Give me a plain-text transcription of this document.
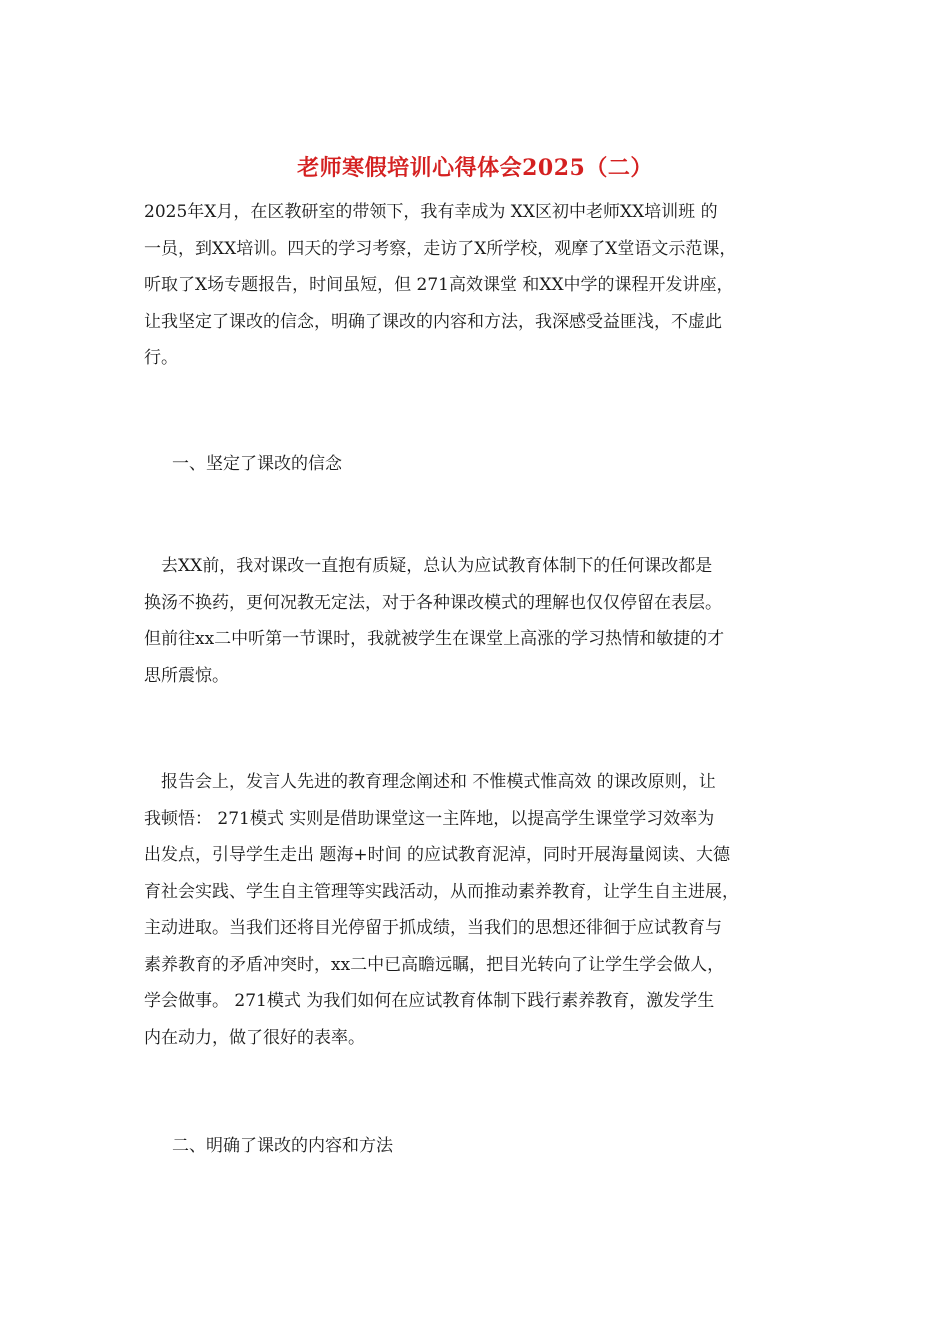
老师寒假培训心得体会2025（二）

2025年X月，在区教研室的带领下，我有幸成为 XX区初中老师XX培训班 的
一员，到XX培训。四天的学习考察，走访了X所学校，观摩了X堂语文示范课，
听取了X场专题报告，时间虽短，但 271高效课堂 和XX中学的课程开发讲座，
让我坚定了课改的信念，明确了课改的内容和方法，我深感受益匪浅，不虚此
行。

一、坚定了课改的信念

　去XX前，我对课改一直抱有质疑，总认为应试教育体制下的任何课改都是
换汤不换药，更何况教无定法，对于各种课改模式的理解也仅仅停留在表层。
但前往xx二中听第一节课时，我就被学生在课堂上高涨的学习热情和敏捷的才
思所震惊。

　报告会上，发言人先进的教育理念阐述和 不惟模式惟高效 的课改原则，让
我顿悟： 271模式 实则是借助课堂这一主阵地，以提高学生课堂学习效率为
出发点，引导学生走出 题海+时间 的应试教育泥淖，同时开展海量阅读、大德
育社会实践、学生自主管理等实践活动，从而推动素养教育，让学生自主进展，
主动进取。当我们还将目光停留于抓成绩，当我们的思想还徘徊于应试教育与
素养教育的矛盾冲突时，xx二中已高瞻远瞩，把目光转向了让学生学会做人，
学会做事。 271模式 为我们如何在应试教育体制下践行素养教育，激发学生
内在动力，做了很好的表率。

二、明确了课改的内容和方法
